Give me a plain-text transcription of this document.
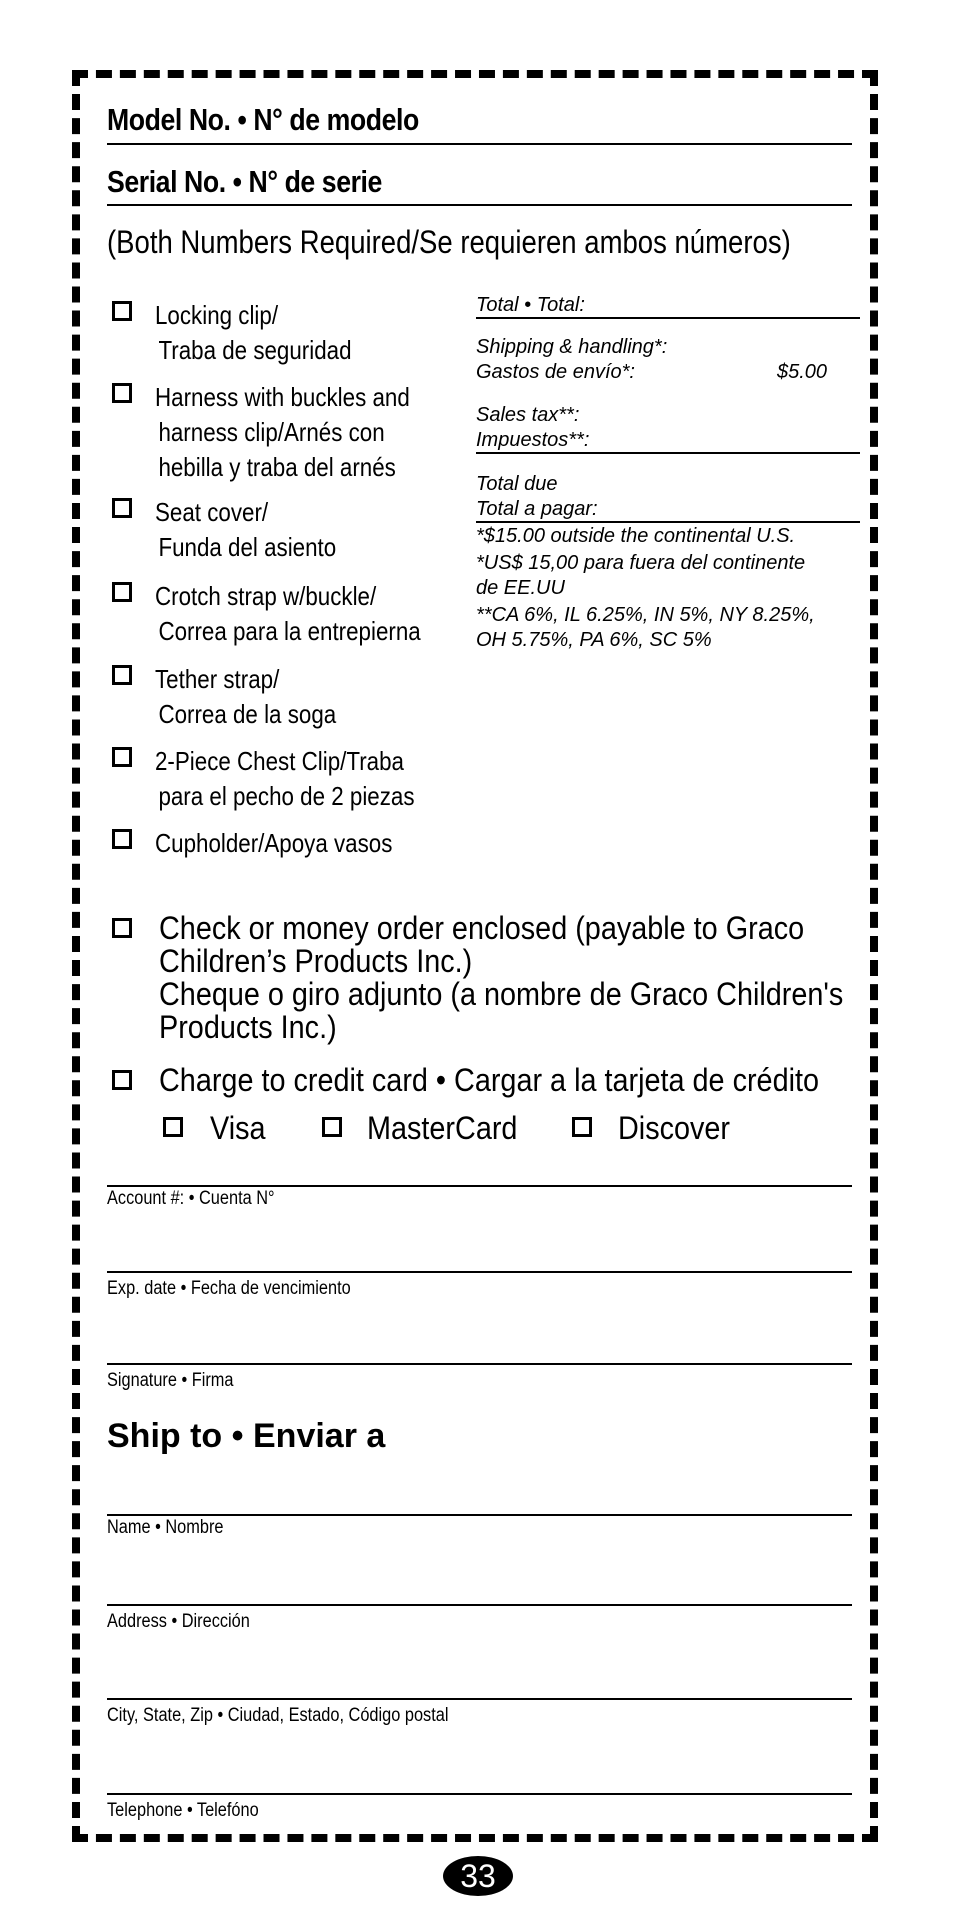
Model No. • N° de modelo
Serial No. • N° de serie
(Both Numbers Required/Se requieren ambos números)
Locking clip/
Traba de seguridad
Harness with buckles and
harness clip/Arnés con
hebilla y traba del arnés
Seat cover/
Funda del asiento
Crotch strap w/buckle/
Correa para la entrepierna
Tether strap/
Correa de la soga
2-Piece Chest Clip/Traba
para el pecho de 2 piezas
Cupholder/Apoya vasos
Total • Total:
Shipping & handling*:
Gastos de envío*:	$5.00
Sales tax**:
Impuestos**:
Total due
Total a pagar:
*$15.00 outside the continental U.S.
*US$ 15,00 para fuera del continente
de EE.UU
**CA 6%, IL 6.25%, IN 5%, NY 8.25%,
OH 5.75%, PA 6%, SC 5%
Check or money order enclosed (payable to Graco
Children’s Products Inc.)
Cheque o giro adjunto (a nombre de Graco Children's
Products Inc.)
Charge to credit card • Cargar a la tarjeta de crédito
Visa	MasterCard	Discover
Account #: • Cuenta N°
Exp. date • Fecha de vencimiento
Signature • Firma
Ship to • Enviar a
Name • Nombre
Address • Dirección
City, State, Zip • Ciudad, Estado, Código postal
Telephone • Telefóno
33
